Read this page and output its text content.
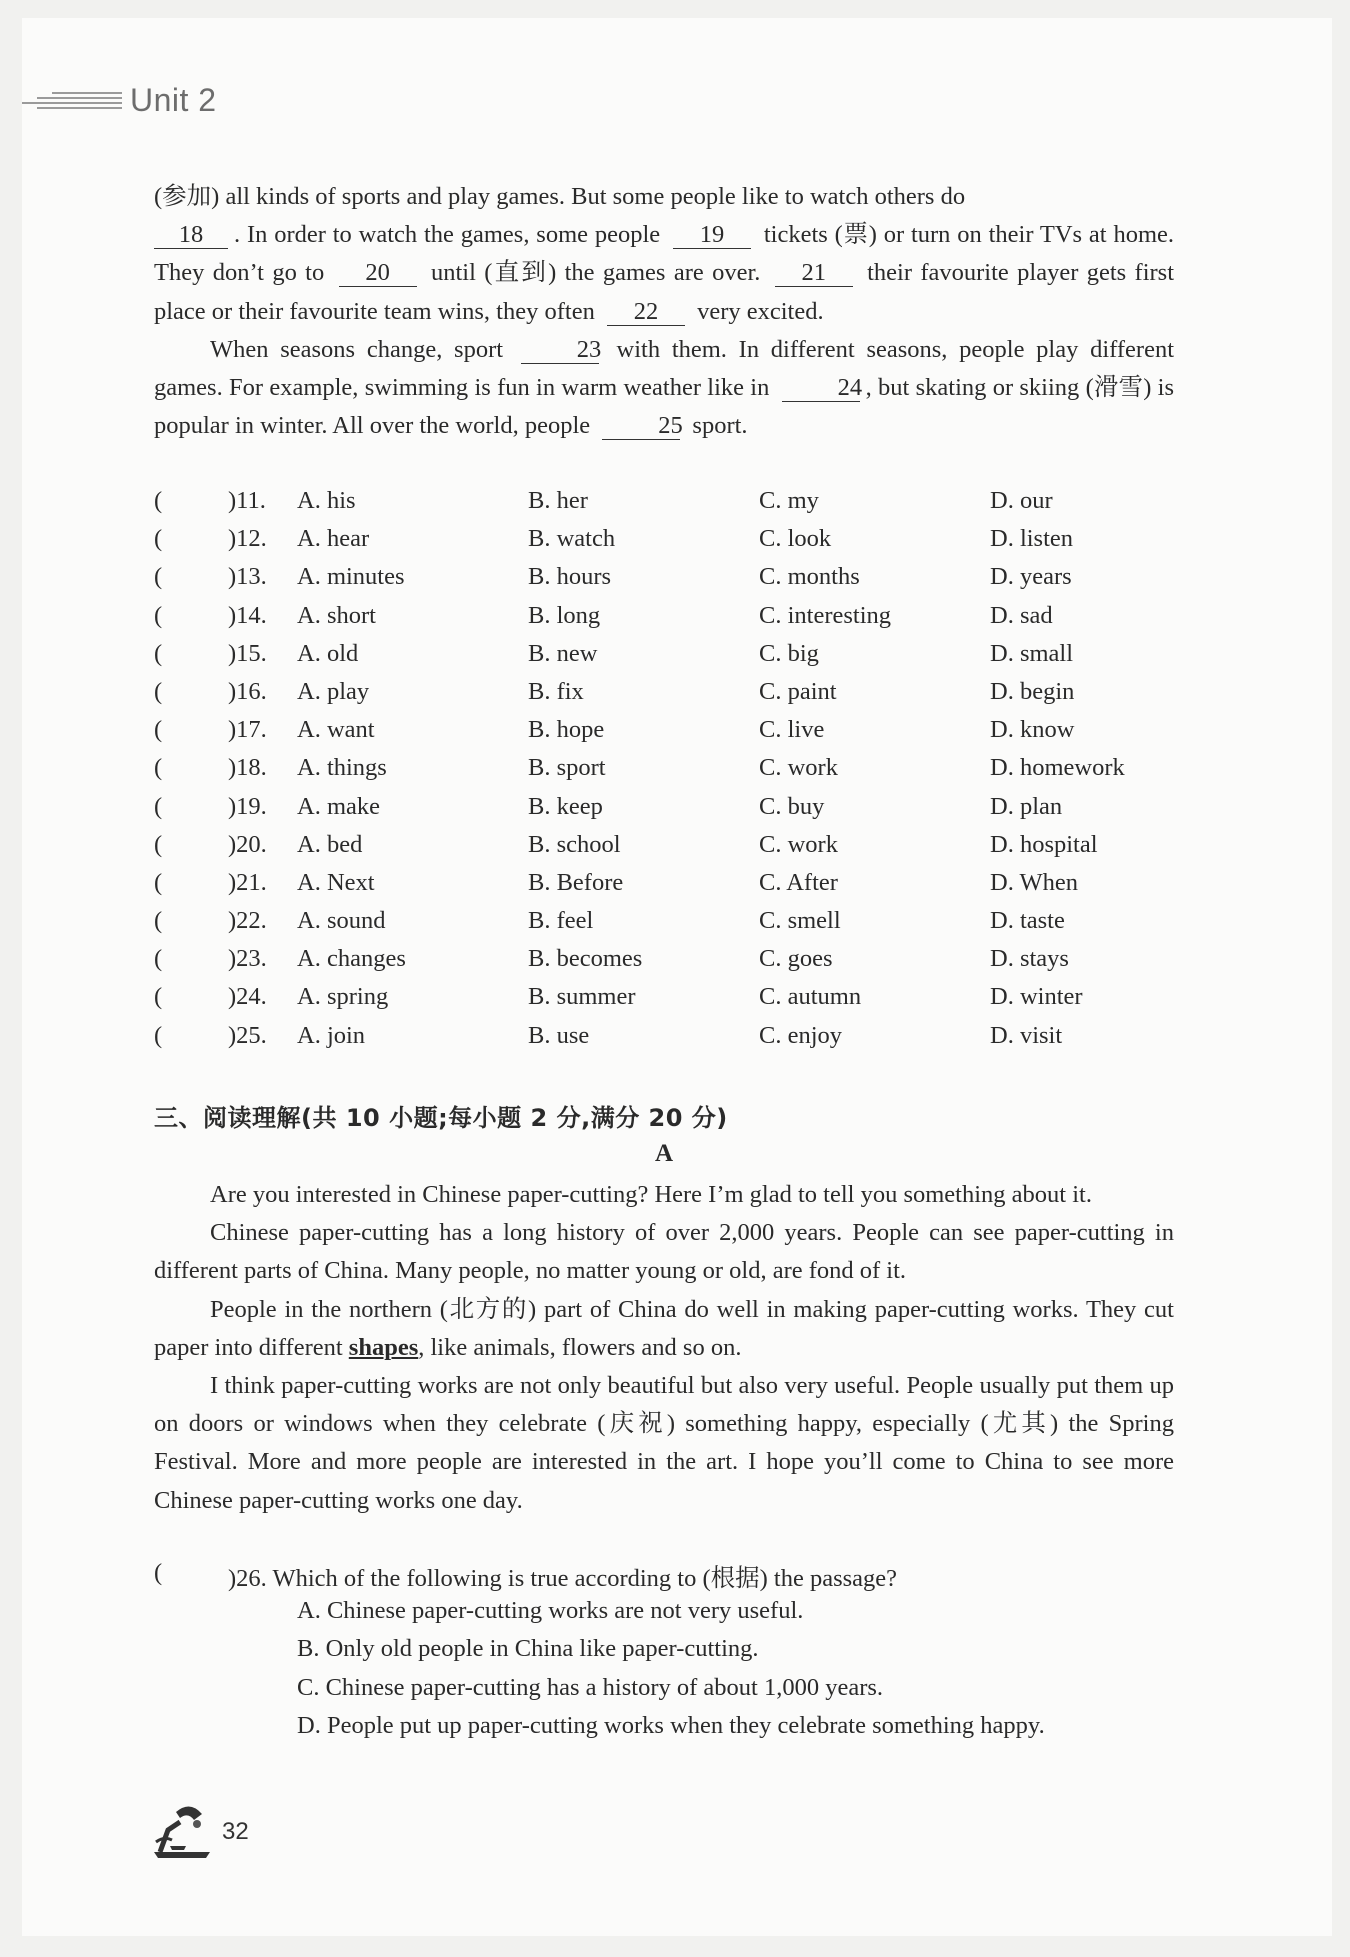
Unit 2

(参加) all kinds of sports and play games. But some people like to watch others do
18 . In order to watch the games, some people 19 tickets (票) or turn on their TVs at home. They don’t go to 20 until (直到) the games are over. 21 their favourite player gets first place or their favourite team wins, they often 22 very excited.

When seasons change, sport	23 with them. In different seasons, people play different games. For example, swimming is fun in warm weather like in	24 , but skating or skiing (滑雪) is popular in winter. All over the world, people	25 sport.

(	)11. A. his	B. her	C. my	D. our
(	)12. A. hear	B. watch	C. look	D. listen
(	)13. A. minutes	B. hours	C. months	D. years
(	)14. A. short	B. long	C. interesting	D. sad
(	)15. A. old	B. new	C. big	D. small
(	)16. A. play	B. fix	C. paint	D. begin
(	)17. A. want	B. hope	C. live	D. know
(	)18. A. things	B. sport	C. work	D. homework
(	)19. A. make	B. keep	C. buy	D. plan
(	)20. A. bed	B. school	C. work	D. hospital
(	)21. A. Next	B. Before	C. After	D. When
(	)22. A. sound	B. feel	C. smell	D. taste
(	)23. A. changes	B. becomes	C. goes	D. stays
(	)24. A. spring	B. summer	C. autumn	D. winter
(	)25. A. join	B. use	C. enjoy	D. visit
三、阅读理解(共 10 小题;每小题 2 分,满分 20 分)
A

Are you interested in Chinese paper-cutting? Here I’m glad to tell you something about it.

Chinese paper-cutting has a long history of over 2,000 years. People can see paper-cutting in different parts of China. Many people, no matter young or old, are fond of it.

People in the northern (北方的) part of China do well in making paper-cutting works. They cut paper into different shapes, like animals, flowers and so on.

I think paper-cutting works are not only beautiful but also very useful. People usually put them up on doors or windows when they celebrate (庆祝) something happy, especially (尤其) the Spring Festival. More and more people are interested in the art. I hope you’ll come to China to see more Chinese paper-cutting works one day.

(	)26. Which of the following is true according to (根据) the passage?
A. Chinese paper-cutting works are not very useful.
B. Only old people in China like paper-cutting.
C. Chinese paper-cutting has a history of about 1,000 years.
D. People put up paper-cutting works when they celebrate something happy.
32
